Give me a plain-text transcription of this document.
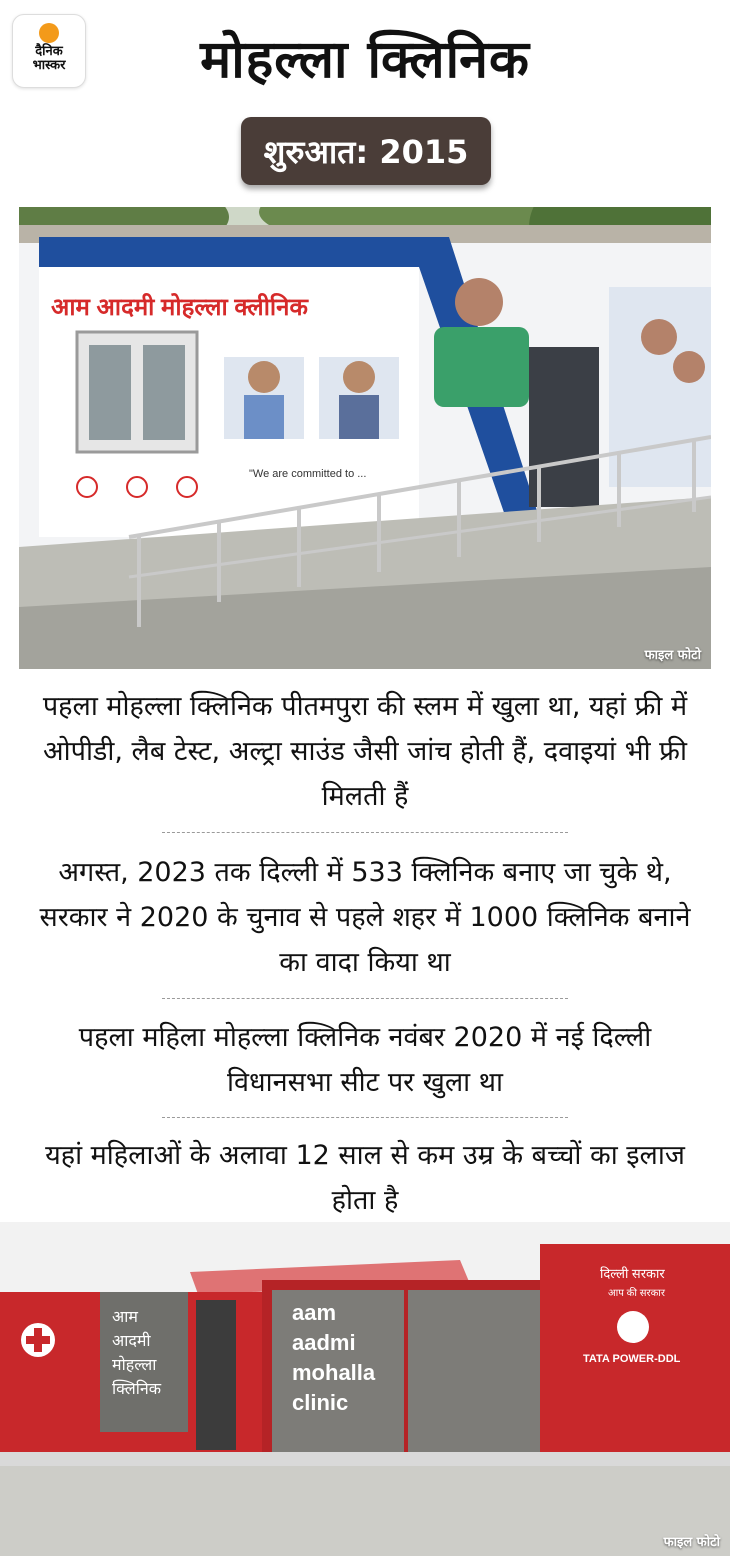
दैनिक
भास्कर	मोहल्ला क्लिनिक
शुरुआत: 2015
आम आदमी मोहल्ला क्लीनिक
"We are committed to ...
फाइल फोटो
पहला मोहल्ला क्लिनिक पीतमपुरा की स्लम में खुला था, यहां फ्री में ओपीडी, लैब टेस्ट, अल्ट्रा साउंड जैसी जांच होती हैं, दवाइयां भी फ्री मिलती हैं
अगस्त, 2023 तक दिल्ली में 533 क्लिनिक बनाए जा चुके थे, सरकार ने 2020 के चुनाव से पहले शहर में 1000 क्लिनिक बनाने का वादा किया था
पहला महिला मोहल्ला क्लिनिक नवंबर 2020 में नई दिल्ली विधानसभा सीट पर खुला था
यहां महिलाओं के अलावा 12 साल से कम उम्र के बच्चों का इलाज होता है
आम आदमी मोहल्ला क्लिनिक
aam
aadmi
mohalla
clinic
दिल्ली सरकार
आप की सरकार
TATA POWER-DDL
फाइल फोटो
